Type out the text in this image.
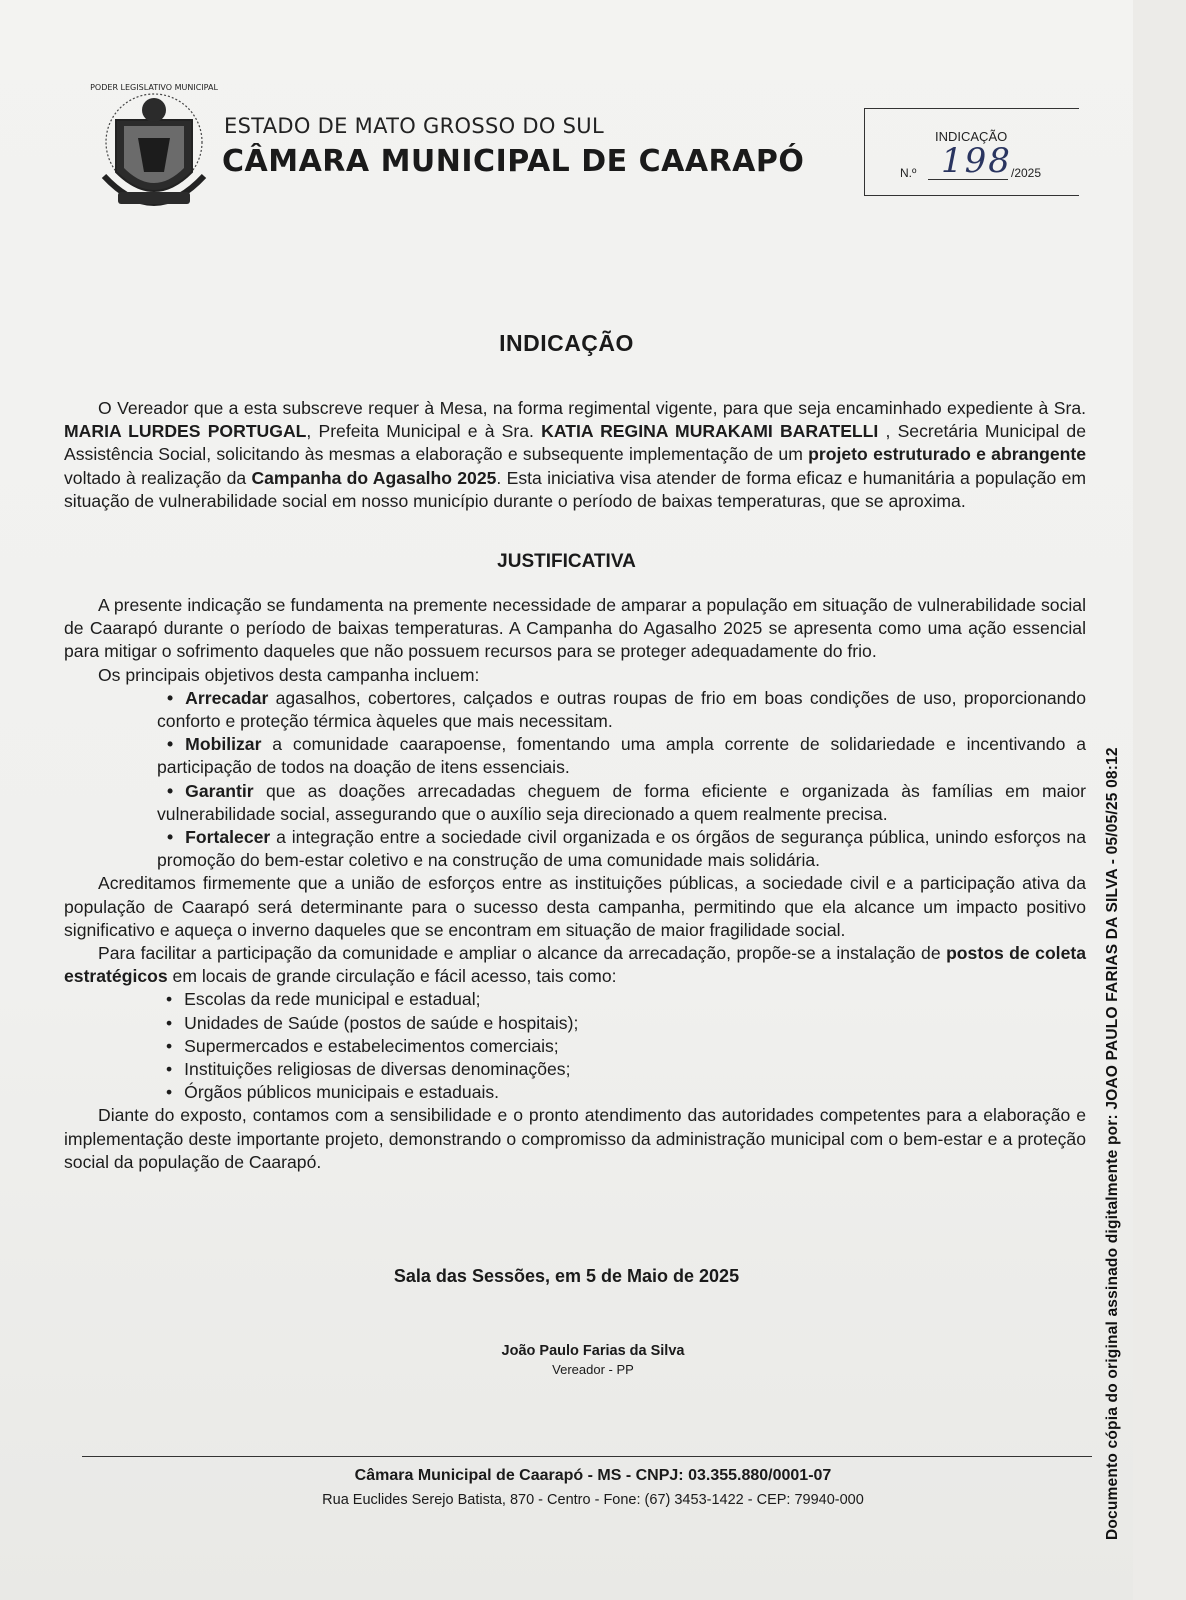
PODER LEGISLATIVO MUNICIPAL
ESTADO DE MATO GROSSO DO SUL
CÂMARA MUNICIPAL DE CAARAPÓ
INDICAÇÃO
N.º 198 /2025
INDICAÇÃO
O Vereador que a esta subscreve requer à Mesa, na forma regimental vigente, para que seja encaminhado expediente à Sra. MARIA LURDES PORTUGAL, Prefeita Municipal e à Sra. KATIA REGINA MURAKAMI BARATELLI , Secretária Municipal de Assistência Social, solicitando às mesmas a elaboração e subsequente implementação de um projeto estruturado e abrangente voltado à realização da Campanha do Agasalho 2025. Esta iniciativa visa atender de forma eficaz e humanitária a população em situação de vulnerabilidade social em nosso município durante o período de baixas temperaturas, que se aproxima.
JUSTIFICATIVA

A presente indicação se fundamenta na premente necessidade de amparar a população em situação de vulnerabilidade social de Caarapó durante o período de baixas temperaturas. A Campanha do Agasalho 2025 se apresenta como uma ação essencial para mitigar o sofrimento daqueles que não possuem recursos para se proteger adequadamente do frio.

Os principais objetivos desta campanha incluem:

• Arrecadar agasalhos, cobertores, calçados e outras roupas de frio em boas condições de uso, proporcionando conforto e proteção térmica àqueles que mais necessitam.
• Mobilizar a comunidade caarapoense, fomentando uma ampla corrente de solidariedade e incentivando a participação de todos na doação de itens essenciais.
• Garantir que as doações arrecadadas cheguem de forma eficiente e organizada às famílias em maior vulnerabilidade social, assegurando que o auxílio seja direcionado a quem realmente precisa.
• Fortalecer a integração entre a sociedade civil organizada e os órgãos de segurança pública, unindo esforços na promoção do bem-estar coletivo e na construção de uma comunidade mais solidária.

Acreditamos firmemente que a união de esforços entre as instituições públicas, a sociedade civil e a participação ativa da população de Caarapó será determinante para o sucesso desta campanha, permitindo que ela alcance um impacto positivo significativo e aqueça o inverno daqueles que se encontram em situação de maior fragilidade social.

Para facilitar a participação da comunidade e ampliar o alcance da arrecadação, propõe-se a instalação de postos de coleta estratégicos em locais de grande circulação e fácil acesso, tais como:

• Escolas da rede municipal e estadual;
• Unidades de Saúde (postos de saúde e hospitais);
• Supermercados e estabelecimentos comerciais;
• Instituições religiosas de diversas denominações;
• Órgãos públicos municipais e estaduais.

Diante do exposto, contamos com a sensibilidade e o pronto atendimento das autoridades competentes para a elaboração e implementação deste importante projeto, demonstrando o compromisso da administração municipal com o bem-estar e a proteção social da população de Caarapó.

Sala das Sessões, em 5 de Maio de 2025
João Paulo Farias da Silva
Vereador - PP
Câmara Municipal de Caarapó - MS - CNPJ: 03.355.880/0001-07
Rua Euclides Serejo Batista, 870 - Centro - Fone: (67) 3453-1422 - CEP: 79940-000	Documento cópia do original assinado digitalmente por: JOAO PAULO FARIAS DA SILVA - 05/05/25 08:12
